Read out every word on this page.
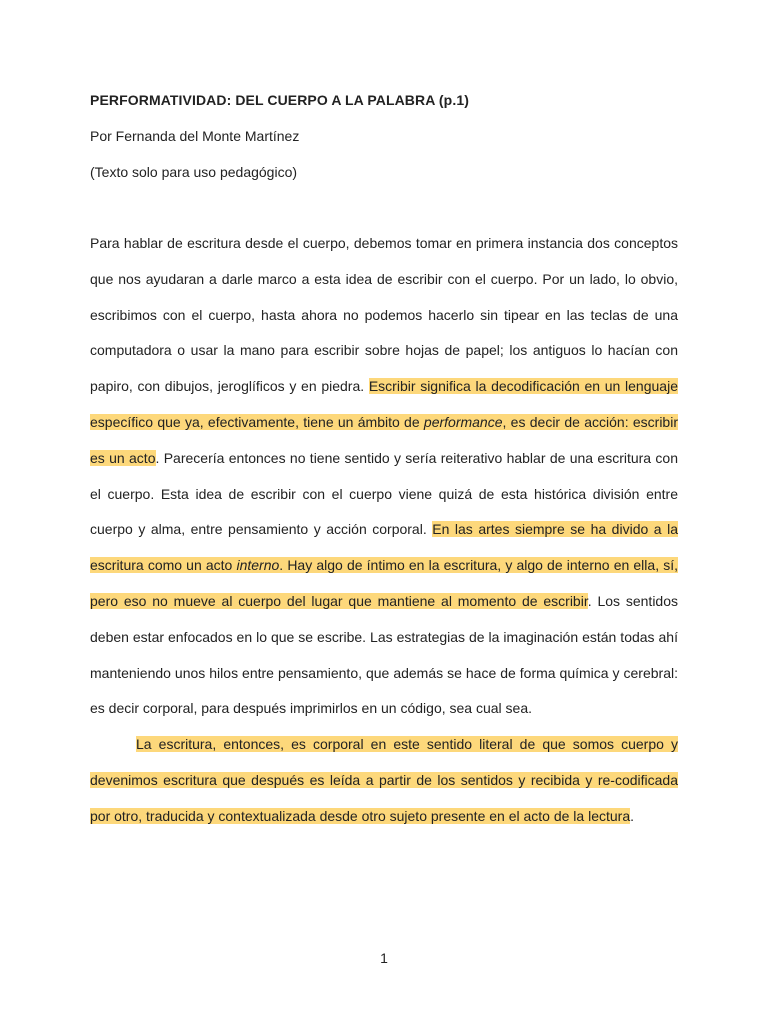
PERFORMATIVIDAD: DEL CUERPO A LA PALABRA (p.1)
Por Fernanda del Monte Martínez
(Texto solo para uso pedagógico)

Para hablar de escritura desde el cuerpo, debemos tomar en primera instancia dos conceptos que nos ayudaran a darle marco a esta idea de escribir con el cuerpo. Por un lado, lo obvio, escribimos con el cuerpo, hasta ahora no podemos hacerlo sin tipear en las teclas de una computadora o usar la mano para escribir sobre hojas de papel; los antiguos lo hacían con papiro, con dibujos, jeroglíficos y en piedra. Escribir significa la decodificación en un lenguaje específico que ya, efectivamente, tiene un ámbito de performance, es decir de acción: escribir es un acto. Parecería entonces no tiene sentido y sería reiterativo hablar de una escritura con el cuerpo. Esta idea de escribir con el cuerpo viene quizá de esta histórica división entre cuerpo y alma, entre pensamiento y acción corporal. En las artes siempre se ha divido a la escritura como un acto interno. Hay algo de íntimo en la escritura, y algo de interno en ella, sí, pero eso no mueve al cuerpo del lugar que mantiene al momento de escribir. Los sentidos deben estar enfocados en lo que se escribe. Las estrategias de la imaginación están todas ahí manteniendo unos hilos entre pensamiento, que además se hace de forma química y cerebral: es decir corporal, para después imprimirlos en un código, sea cual sea.

La escritura, entonces, es corporal en este sentido literal de que somos cuerpo y devenimos escritura que después es leída a partir de los sentidos y recibida y re-codificada por otro, traducida y contextualizada desde otro sujeto presente en el acto de la lectura.

1
